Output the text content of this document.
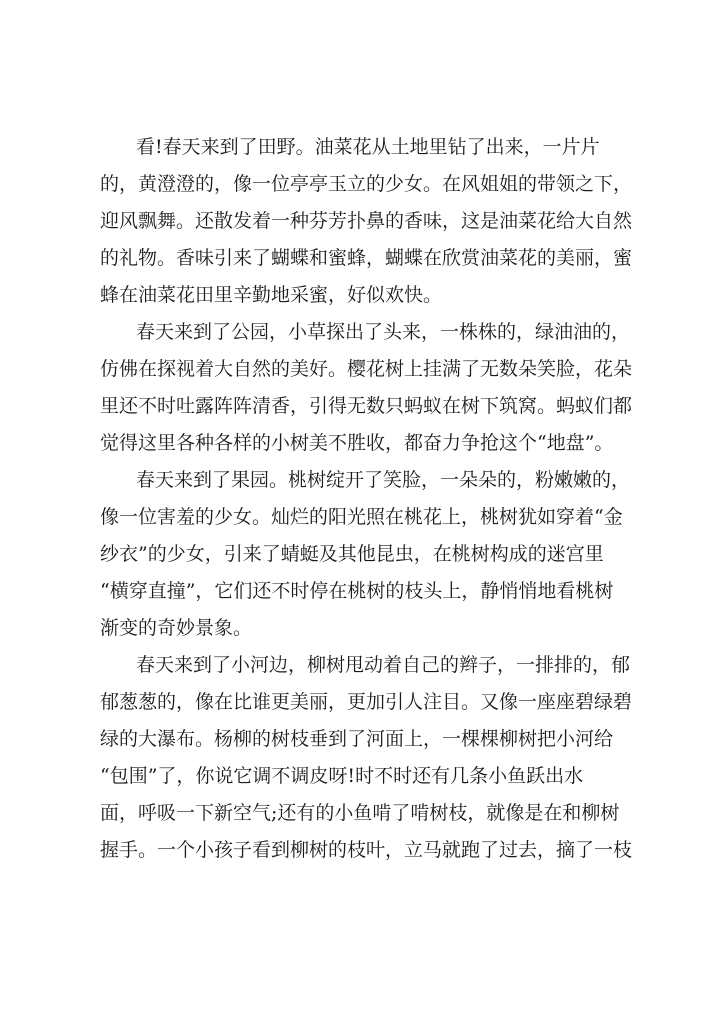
看!春天来到了田野。油菜花从土地里钻了出来，一片片
的，黄澄澄的，像一位亭亭玉立的少女。在风姐姐的带领之下，
迎风飘舞。还散发着一种芬芳扑鼻的香味，这是油菜花给大自然
的礼物。香味引来了蝴蝶和蜜蜂，蝴蝶在欣赏油菜花的美丽，蜜
蜂在油菜花田里辛勤地采蜜，好似欢快。
春天来到了公园，小草探出了头来，一株株的，绿油油的，
仿佛在探视着大自然的美好。樱花树上挂满了无数朵笑脸，花朵
里还不时吐露阵阵清香，引得无数只蚂蚁在树下筑窝。蚂蚁们都
觉得这里各种各样的小树美不胜收，都奋力争抢这个“地盘”。
春天来到了果园。桃树绽开了笑脸，一朵朵的，粉嫩嫩的，
像一位害羞的少女。灿烂的阳光照在桃花上，桃树犹如穿着“金
纱衣”的少女，引来了蜻蜓及其他昆虫，在桃树构成的迷宫里
“横穿直撞”，它们还不时停在桃树的枝头上，静悄悄地看桃树
渐变的奇妙景象。
春天来到了小河边，柳树甩动着自己的辫子，一排排的，郁
郁葱葱的，像在比谁更美丽，更加引人注目。又像一座座碧绿碧
绿的大瀑布。杨柳的树枝垂到了河面上，一棵棵柳树把小河给
“包围”了，你说它调不调皮呀!时不时还有几条小鱼跃出水
面，呼吸一下新空气;还有的小鱼啃了啃树枝，就像是在和柳树
握手。一个小孩子看到柳树的枝叶，立马就跑了过去，摘了一枝
